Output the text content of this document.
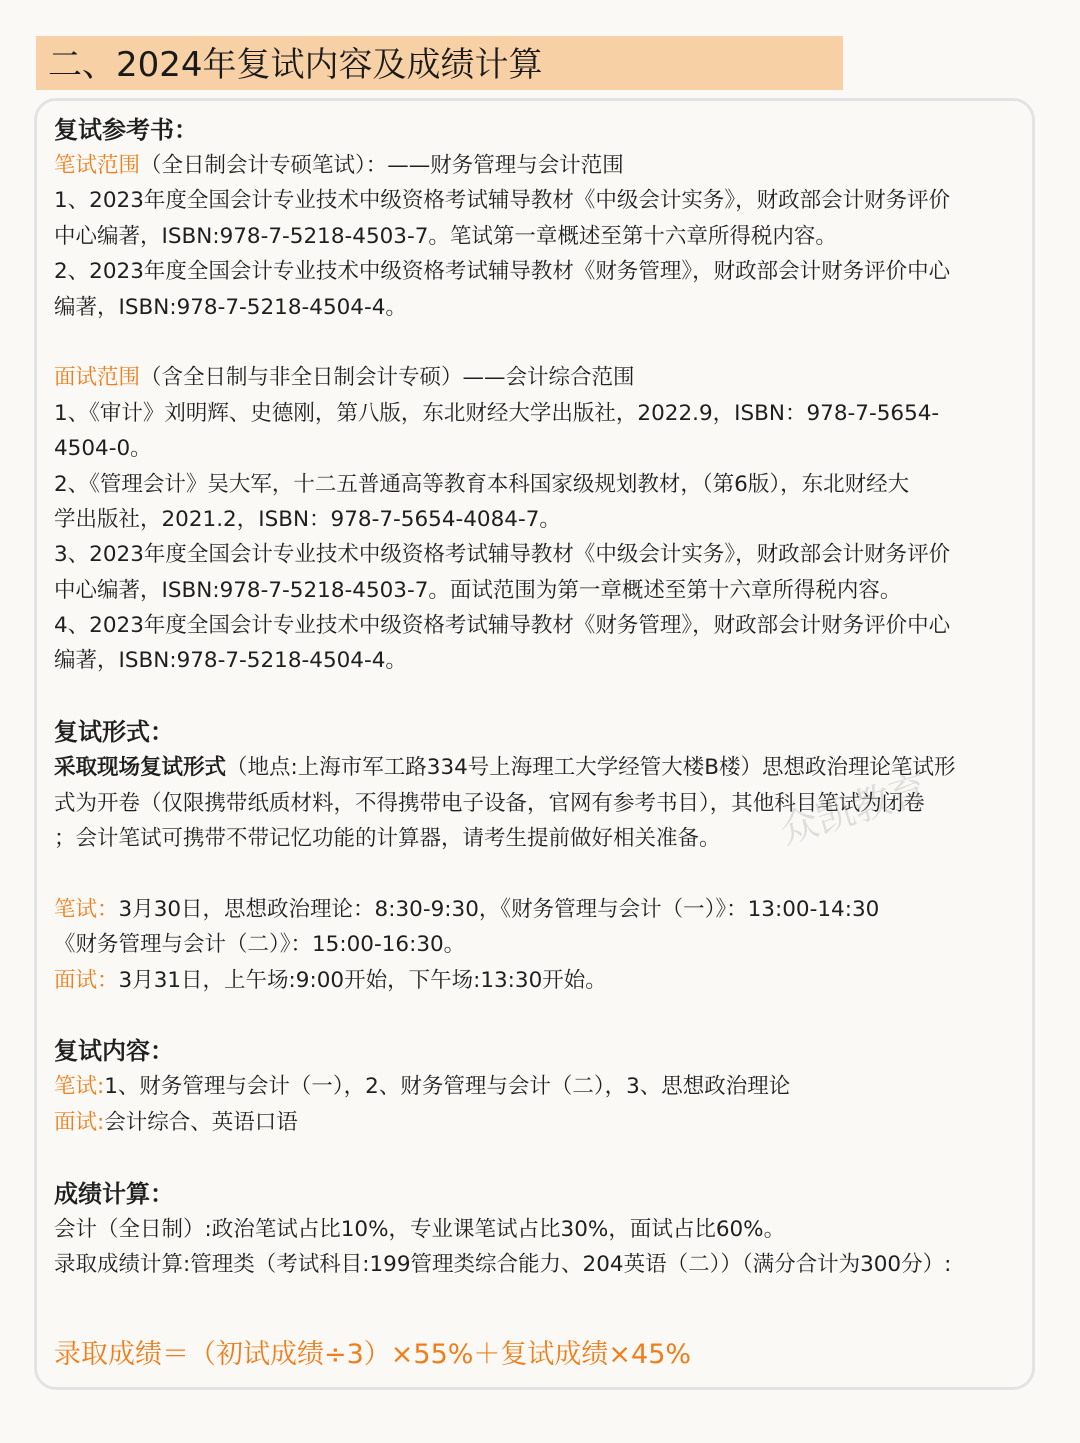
二、2024年复试内容及成绩计算
复试参考书：
笔试范围（全日制会计专硕笔试）：——财务管理与会计范围
1、2023年度全国会计专业技术中级资格考试辅导教材《中级会计实务》，财政部会计财务评价
中心编著，ISBN:978-7-5218-4503-7。笔试第一章概述至第十六章所得税内容。
2、2023年度全国会计专业技术中级资格考试辅导教材《财务管理》，财政部会计财务评价中心
编著，ISBN:978-7-5218-4504-4。
面试范围（含全日制与非全日制会计专硕）——会计综合范围
1、《审计》刘明辉、史德刚，第八版，东北财经大学出版社，2022.9，ISBN：978-7-5654-
4504-0。
2、《管理会计》吴大军，十二五普通高等教育本科国家级规划教材，（第6版），东北财经大
学出版社，2021.2，ISBN：978-7-5654-4084-7。
3、2023年度全国会计专业技术中级资格考试辅导教材《中级会计实务》，财政部会计财务评价
中心编著，ISBN:978-7-5218-4503-7。面试范围为第一章概述至第十六章所得税内容。
4、2023年度全国会计专业技术中级资格考试辅导教材《财务管理》，财政部会计财务评价中心
编著，ISBN:978-7-5218-4504-4。
复试形式：
采取现场复试形式（地点:上海市军工路334号上海理工大学经管大楼B楼）思想政治理论笔试形
式为开卷（仅限携带纸质材料，不得携带电子设备，官网有参考书目），其他科目笔试为闭卷
；会计笔试可携带不带记忆功能的计算器，请考生提前做好相关准备。
笔试：3月30日，思想政治理论：8:30-9:30，《财务管理与会计（一）》：13:00-14:30
《财务管理与会计（二）》：15:00-16:30。
面试：3月31日，上午场:9:00开始，下午场:13:30开始。
复试内容：
笔试:1、财务管理与会计（一），2、财务管理与会计（二），3、思想政治理论
面试:会计综合、英语口语
成绩计算：
会计（全日制）:政治笔试占比10%，专业课笔试占比30%，面试占比60%。
录取成绩计算:管理类（考试科目:199管理类综合能力、204英语（二））（满分合计为300分）:
录取成绩＝（初试成绩÷3）×55%＋复试成绩×45%
众凯教育
